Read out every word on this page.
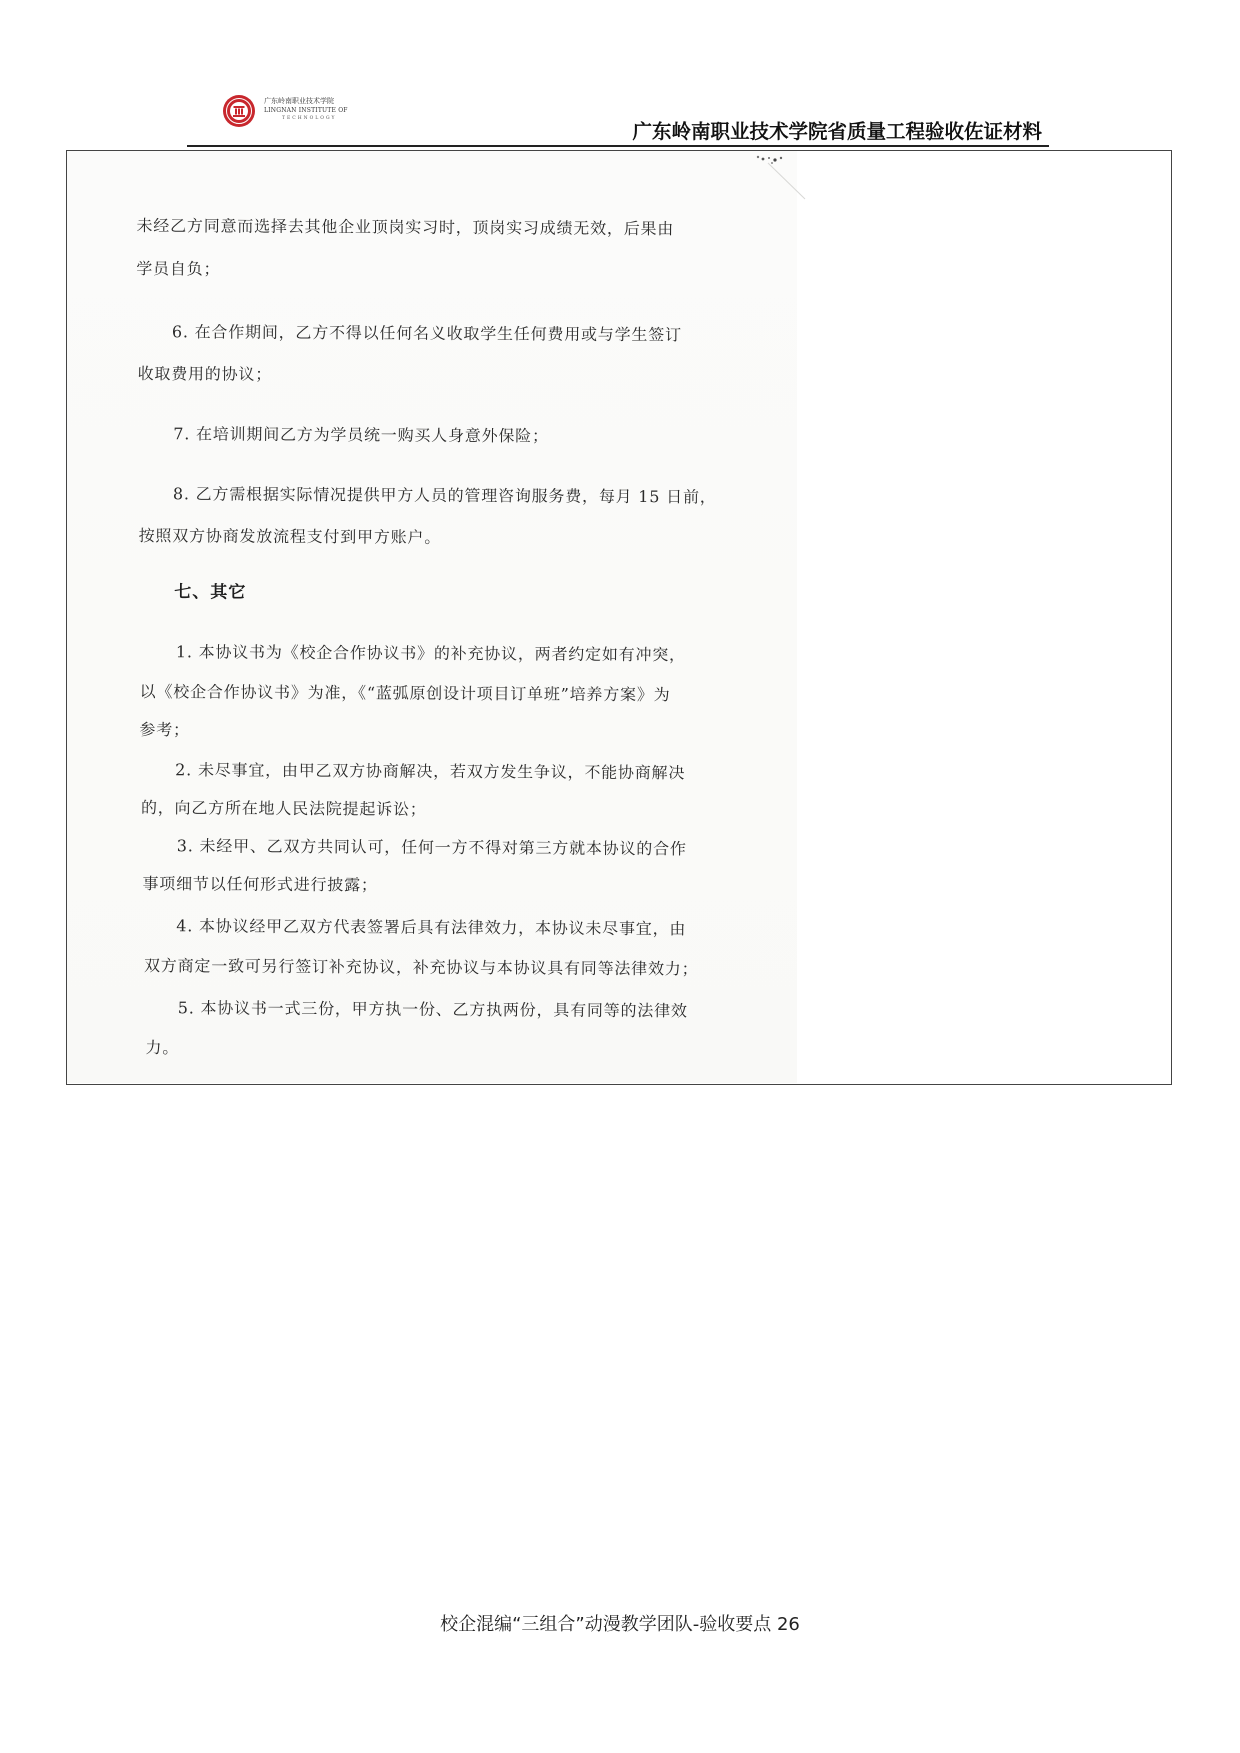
广东岭南职业技术学院
LINGNAN INSTITUTE OF
TECHNOLOGY
广东岭南职业技术学院省质量工程验收佐证材料
未经乙方同意而选择去其他企业顶岗实习时，顶岗实习成绩无效，后果由
学员自负；
6. 在合作期间，乙方不得以任何名义收取学生任何费用或与学生签订
收取费用的协议；
7. 在培训期间乙方为学员统一购买人身意外保险；
8. 乙方需根据实际情况提供甲方人员的管理咨询服务费，每月 15 日前，
按照双方协商发放流程支付到甲方账户。
七、其它
1. 本协议书为《校企合作协议书》的补充协议，两者约定如有冲突，
以《校企合作协议书》为准，《“蓝弧原创设计项目订单班”培养方案》为
参考；
2. 未尽事宜，由甲乙双方协商解决，若双方发生争议，不能协商解决
的，向乙方所在地人民法院提起诉讼；
3. 未经甲、乙双方共同认可，任何一方不得对第三方就本协议的合作
事项细节以任何形式进行披露；
4. 本协议经甲乙双方代表签署后具有法律效力，本协议未尽事宜，由
双方商定一致可另行签订补充协议，补充协议与本协议具有同等法律效力；
5. 本协议书一式三份，甲方执一份、乙方执两份，具有同等的法律效
力。
校企混编“三组合”动漫教学团队-验收要点 26
